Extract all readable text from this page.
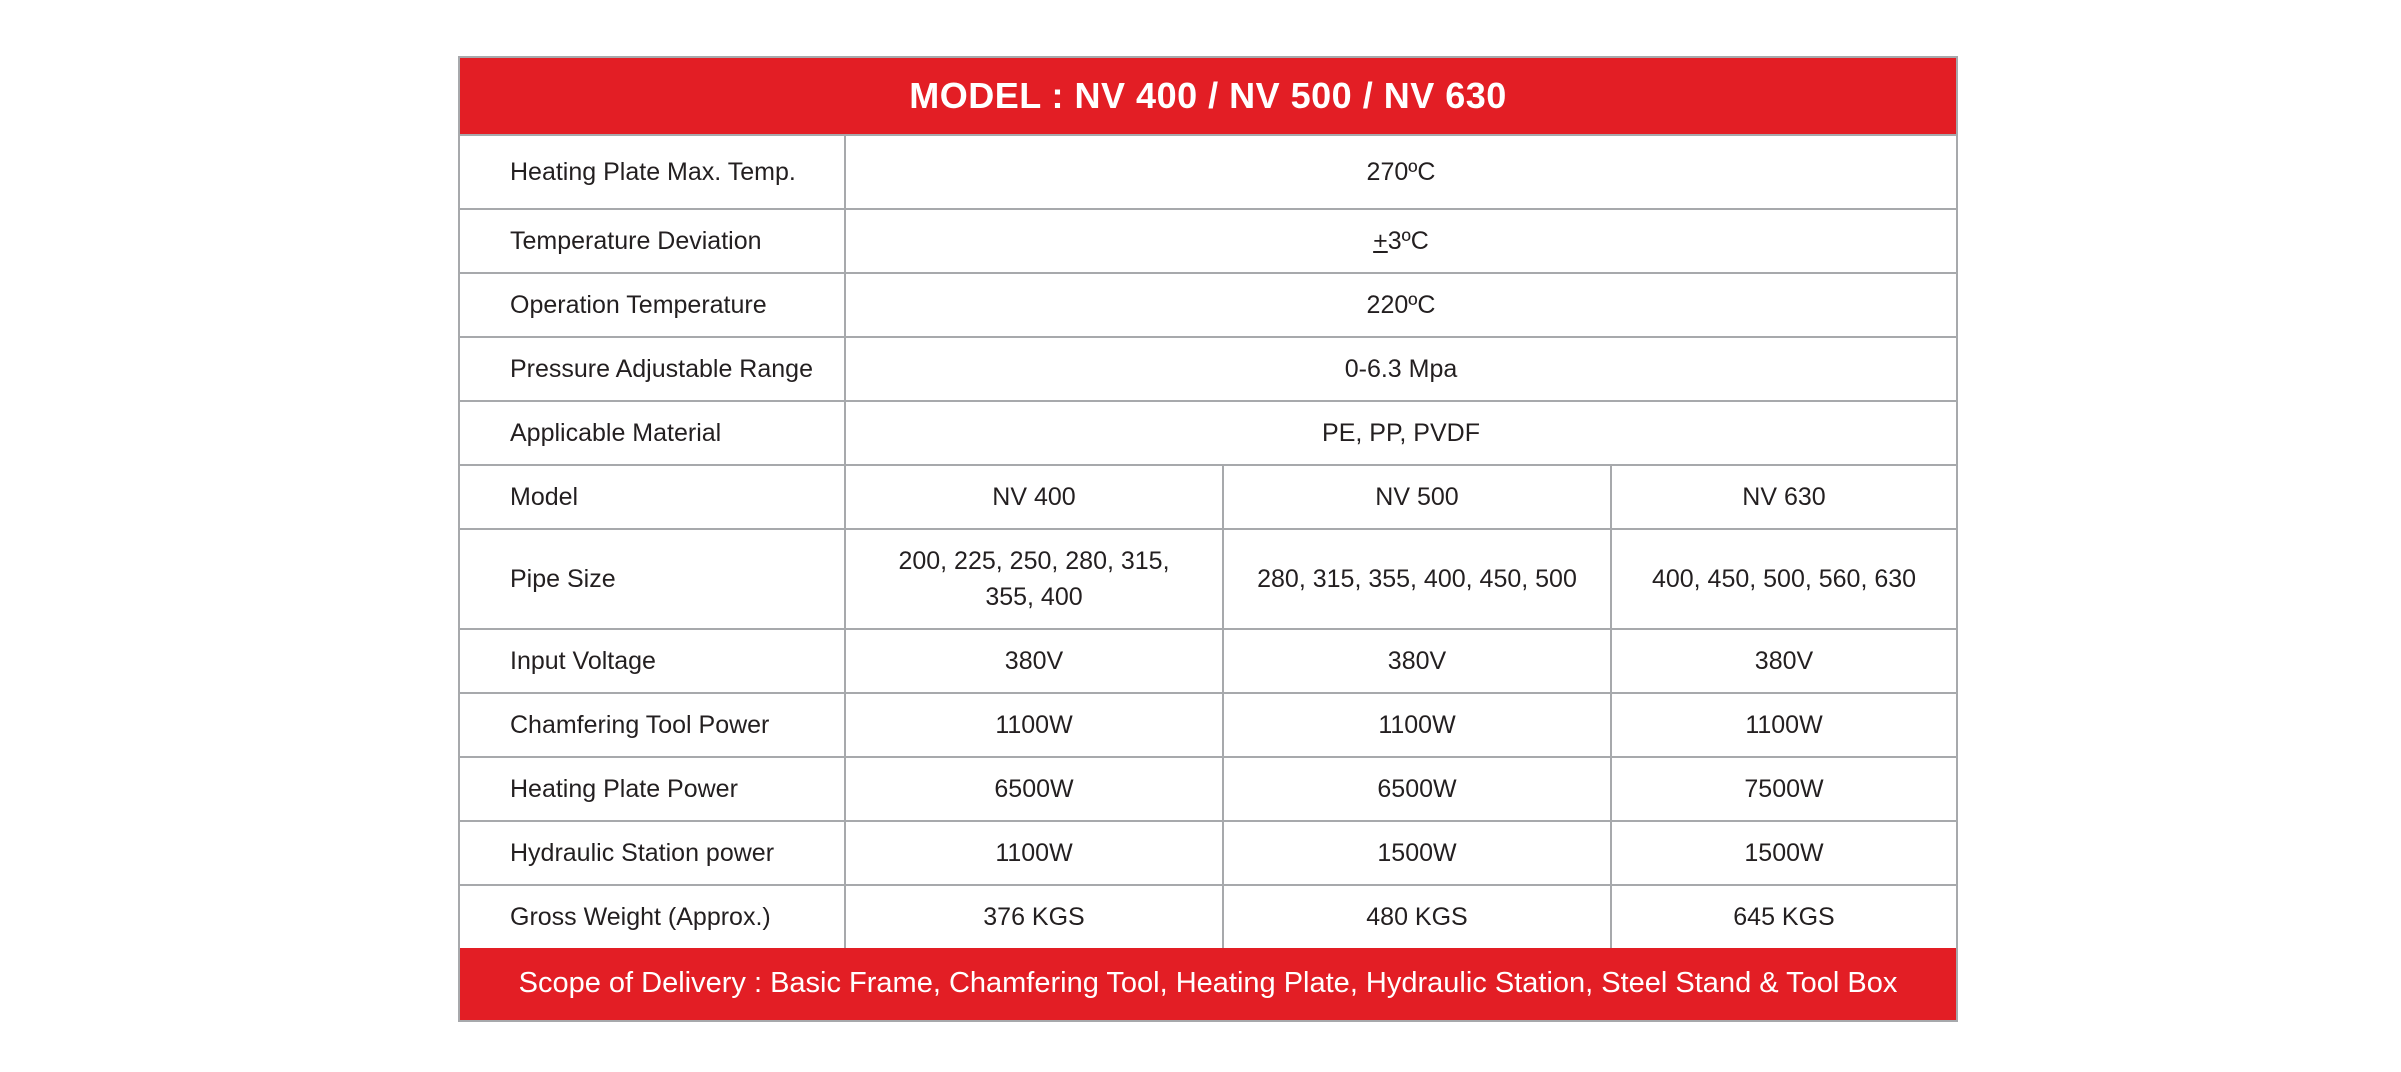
MODEL : NV 400 / NV 500 / NV 630
Heating Plate Max. Temp.	270ºC		
Temperature Deviation	+3ºC		
Operation Temperature	220ºC		
Pressure Adjustable Range	0-6.3 Mpa		
Applicable Material	PE, PP, PVDF		
Model	NV 400	NV 500	NV 630
Pipe Size	200, 225, 250, 280, 315, 355, 400	280, 315, 355, 400, 450, 500	400, 450, 500, 560, 630
Input Voltage	380V	380V	380V
Chamfering Tool Power	1100W	1100W	1100W
Heating Plate Power	6500W	6500W	7500W
Hydraulic Station power	1100W	1500W	1500W
Gross Weight (Approx.)	376 KGS	480 KGS	645 KGS
Scope of Delivery : Basic Frame, Chamfering Tool, Heating Plate, Hydraulic Station, Steel Stand & Tool Box
